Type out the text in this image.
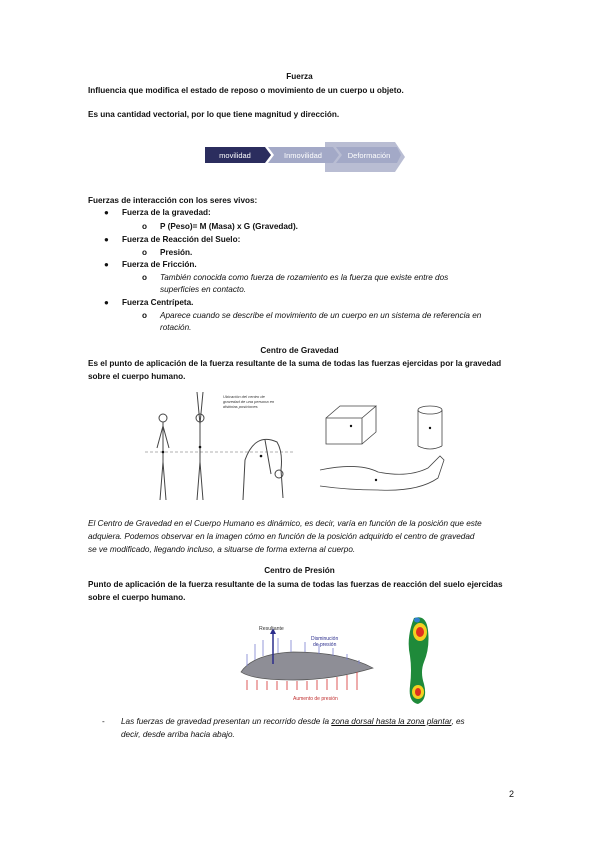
Fuerza
Influencia que modifica el estado de reposo o movimiento de un cuerpo u objeto.
Es una cantidad vectorial, por lo que tiene magnitud y dirección.
movilidad	Inmovilidad	Deformación
Fuerzas de interacción con los seres vivos:
● Fuerza de la gravedad:
o P (Peso)= M (Masa) x G (Gravedad).
● Fuerza de Reacción del Suelo:
o Presión.
● Fuerza de Fricción.
o También conocida como fuerza de rozamiento es la fuerza que existe entre dos
superficies en contacto.
● Fuerza Centrípeta.
o Aparece cuando se describe el movimiento de un cuerpo en un sistema de referencia en
rotación.
Centro de Gravedad
Es el punto de aplicación de la fuerza resultante de la suma de todas las fuerzas ejercidas por la gravedad
sobre el cuerpo humano.
Ubicación del centro de
gravedad de una persona en
distintas posiciones
El Centro de Gravedad en el Cuerpo Humano es dinámico, es decir, varía en función de la posición que este
adquiera. Podemos observar en la imagen cómo en función de la posición adquirido el centro de gravedad
se ve modificado, llegando incluso, a situarse de forma externa al cuerpo.
Centro de Presión
Punto de aplicación de la fuerza resultante de la suma de todas las fuerzas de reacción del suelo ejercidas
sobre el cuerpo humano.
Resultante
Disminución
de presión
Aumento de presión
- Las fuerzas de gravedad presentan un recorrido desde la zona dorsal hasta la zona plantar, es
decir, desde arriba hacia abajo.
2
